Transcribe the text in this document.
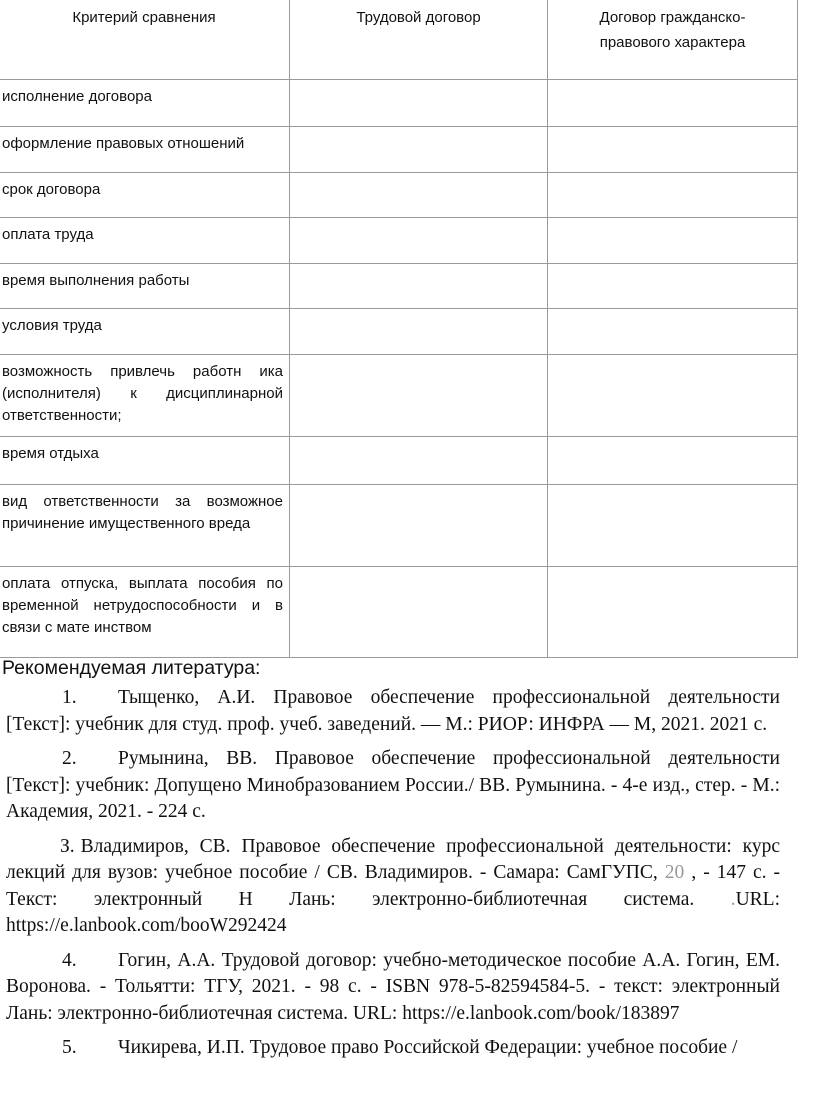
Критерий сравнения	Трудовой договор	Договор гражданско-правового характера
исполнение договора		
оформление правовых отношений		
срок договора		
оплата труда		
время выполнения работы		
условия труда		
возможность привлечь работн ика (исполнителя) к дисциплинарной ответственности;		
время отдыха		
вид ответственности за возможное причинение имущественного вреда		
оплата отпуска, выплата пособия по временной нетрудоспособности и в связи с мате инством		
Рекомендуемая литература:
1. Тыщенко, А.И. Правовое обеспечение профессиональной деятельности [Текст]: учебник для студ. проф. учеб. заведений. — М.: РИОР: ИНФРА — М, 2021. 2021 с.
2. Румынина, ВВ. Правовое обеспечение профессиональной деятельности [Текст]: учебник: Допущено Минобразованием России./ ВВ. Румынина. - 4-е изд., стер. - М.: Академия, 2021. - 224 с.
З. Владимиров, СВ. Правовое обеспечение профессиональной деятельности: курс лекций для вузов: учебное пособие / СВ. Владимиров. - Самара: СамГУПС, 20 , - 147 с. - Текст: электронный Н Лань: электронно-библиотечная система. .URL: https://e.lanbook.com/booW292424
4. Гогин, А.А. Трудовой договор: учебно-методическое пособие А.А. Гогин, ЕМ. Воронова. - Тольятти: ТГУ, 2021. - 98 с. - ISBN 978-5-82594584-5. - текст: электронный Лань: электронно-библиотечная система. URL: https://e.lanbook.com/book/183897
5. Чикирева, И.П. Трудовое право Российской Федерации: учебное пособие /
